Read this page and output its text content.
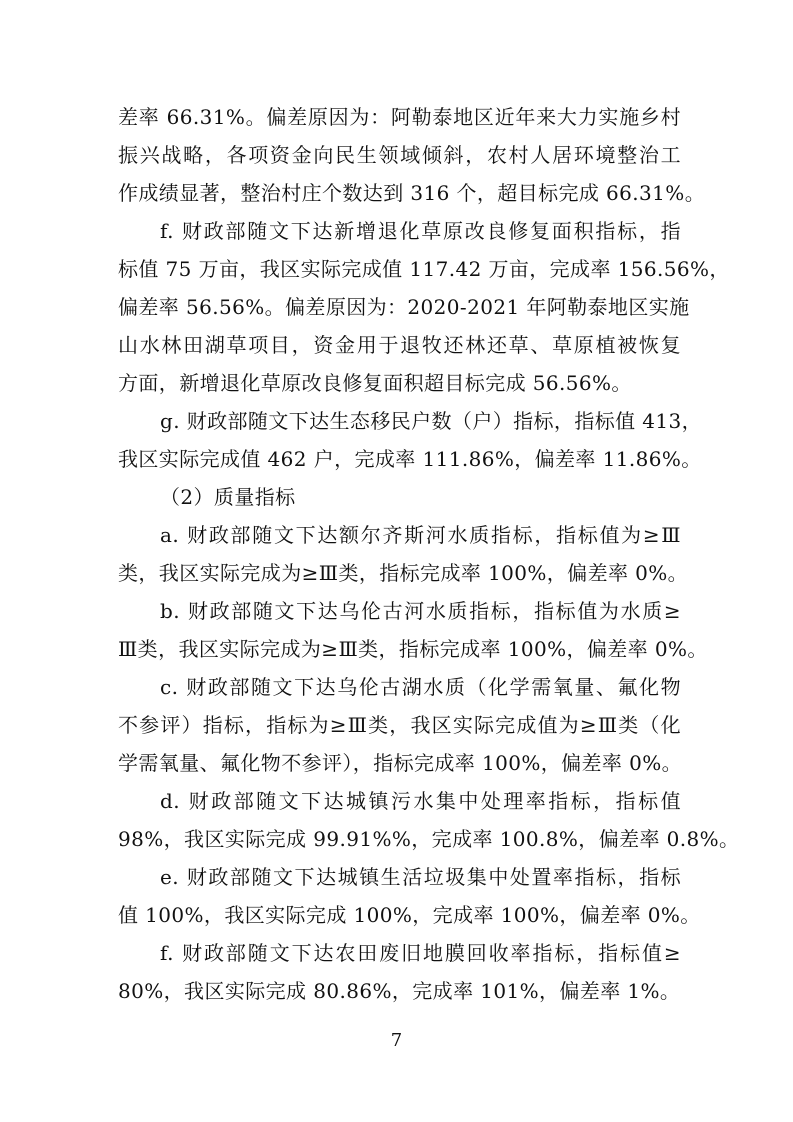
差率 66.31%。偏差原因为：阿勒泰地区近年来大力实施乡村

振兴战略，各项资金向民生领域倾斜，农村人居环境整治工

作成绩显著，整治村庄个数达到 316 个，超目标完成 66.31%。

f. 财政部随文下达新增退化草原改良修复面积指标，指

标值 75 万亩，我区实际完成值 117.42 万亩，完成率 156.56%，

偏差率 56.56%。偏差原因为：2020-2021 年阿勒泰地区实施

山水林田湖草项目，资金用于退牧还林还草、草原植被恢复

方面，新增退化草原改良修复面积超目标完成 56.56%。

g. 财政部随文下达生态移民户数（户）指标，指标值 413，

我区实际完成值 462 户，完成率 111.86%，偏差率 11.86%。

（2）质量指标

a. 财政部随文下达额尔齐斯河水质指标，指标值为≥Ⅲ

类，我区实际完成为≥Ⅲ类，指标完成率 100%，偏差率 0%。

b. 财政部随文下达乌伦古河水质指标，指标值为水质≥

Ⅲ类，我区实际完成为≥Ⅲ类，指标完成率 100%，偏差率 0%。

c. 财政部随文下达乌伦古湖水质（化学需氧量、氟化物

不参评）指标，指标为≥Ⅲ类，我区实际完成值为≥Ⅲ类（化

学需氧量、氟化物不参评），指标完成率 100%，偏差率 0%。

d. 财政部随文下达城镇污水集中处理率指标，指标值

98%，我区实际完成 99.91%%，完成率 100.8%，偏差率 0.8%。

e. 财政部随文下达城镇生活垃圾集中处置率指标，指标

值 100%，我区实际完成 100%，完成率 100%，偏差率 0%。

f. 财政部随文下达农田废旧地膜回收率指标，指标值≥

80%，我区实际完成 80.86%，完成率 101%，偏差率 1%。

7
